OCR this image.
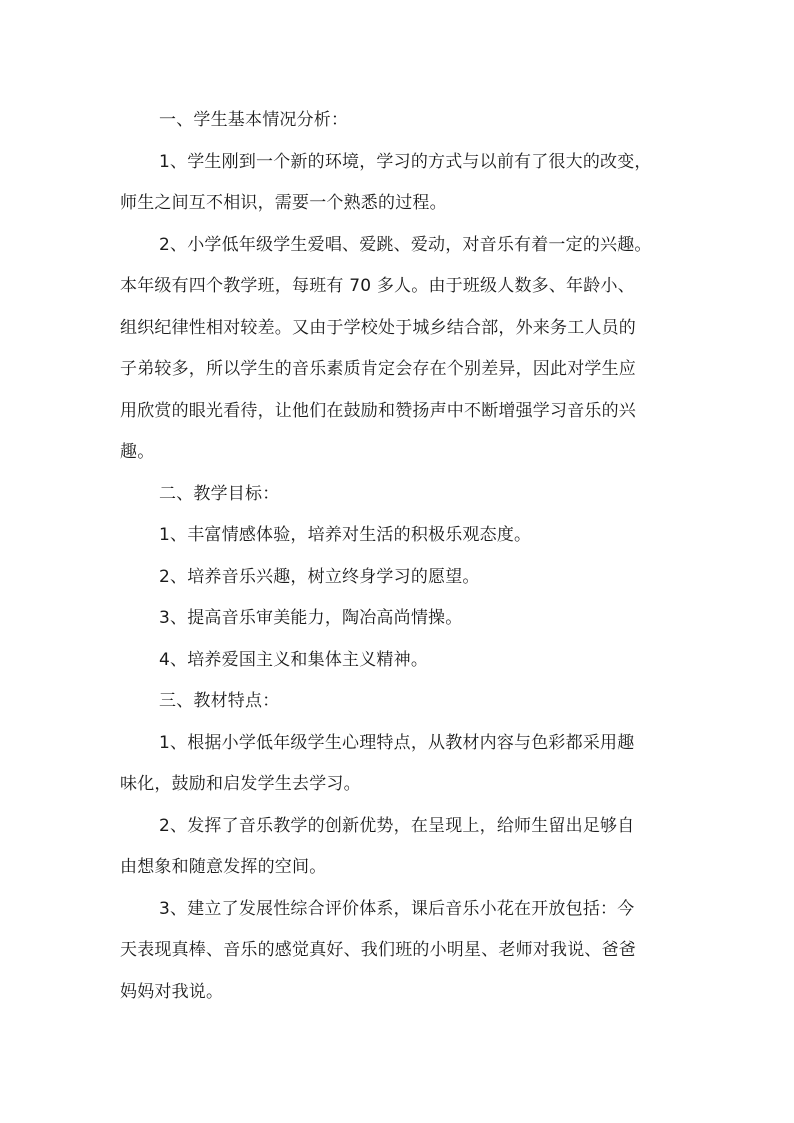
一、学生基本情况分析：
1、学生刚到一个新的环境，学习的方式与以前有了很大的改变，
师生之间互不相识，需要一个熟悉的过程。
2、小学低年级学生爱唱、爱跳、爱动，对音乐有着一定的兴趣。
本年级有四个教学班，每班有 70 多人。由于班级人数多、年龄小、
组织纪律性相对较差。又由于学校处于城乡结合部，外来务工人员的
子弟较多，所以学生的音乐素质肯定会存在个别差异，因此对学生应
用欣赏的眼光看待，让他们在鼓励和赞扬声中不断增强学习音乐的兴
趣。
二、教学目标：
1、丰富情感体验，培养对生活的积极乐观态度。
2、培养音乐兴趣，树立终身学习的愿望。
3、提高音乐审美能力，陶冶高尚情操。
4、培养爱国主义和集体主义精神。
三、教材特点：
1、根据小学低年级学生心理特点，从教材内容与色彩都采用趣
味化，鼓励和启发学生去学习。
2、发挥了音乐教学的创新优势，在呈现上，给师生留出足够自
由想象和随意发挥的空间。
3、建立了发展性综合评价体系，课后音乐小花在开放包括：今
天表现真棒、音乐的感觉真好、我们班的小明星、老师对我说、爸爸
妈妈对我说。
